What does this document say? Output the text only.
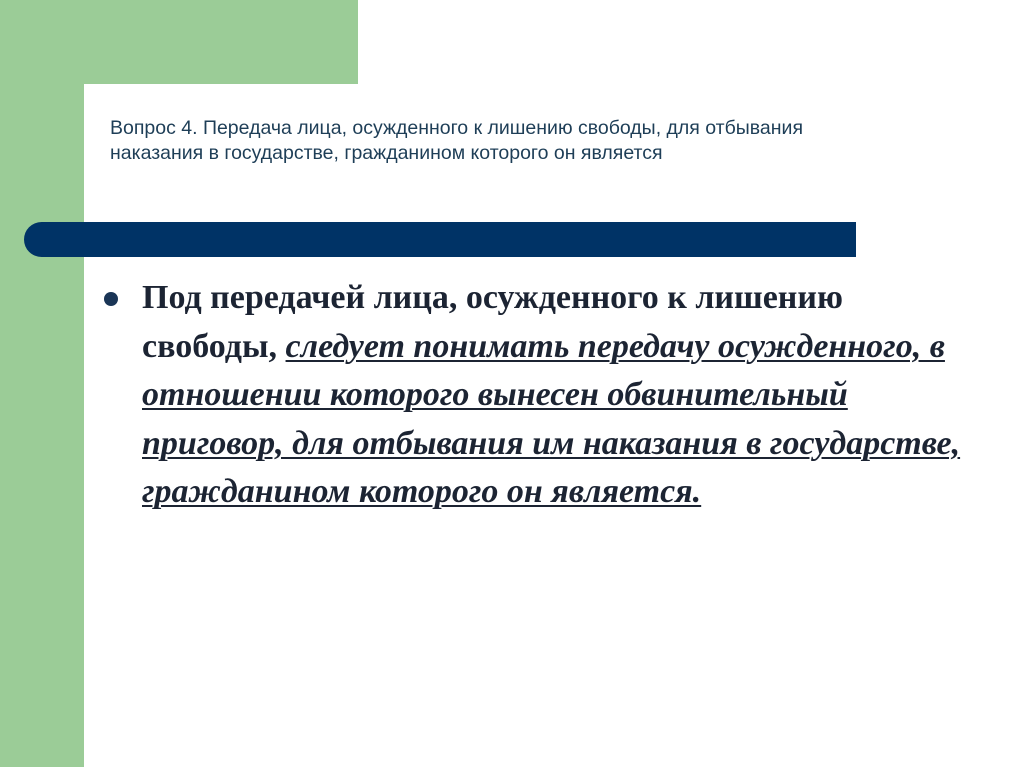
Вопрос 4. Передача лица, осужденного к лишению свободы, для отбывания наказания в государстве, гражданином которого он является
Под передачей лица, осужденного к лишению свободы, следует понимать передачу осужденного, в отношении которого вынесен обвинительный приговор, для отбывания им наказания в государстве, гражданином которого он является.
